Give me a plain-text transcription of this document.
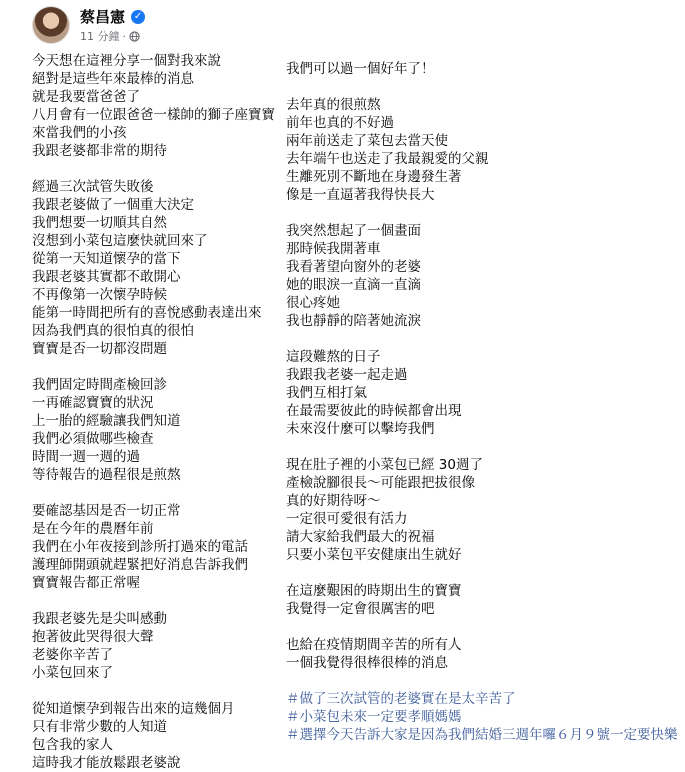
蔡昌憲 ✓
11 分鐘 ·
今天想在這裡分享一個對我來說
絕對是這些年來最棒的消息
就是我要當爸爸了
八月會有一位跟爸爸一樣帥的獅子座寶寶
來當我們的小孩
我跟老婆都非常的期待
經過三次試管失敗後
我跟老婆做了一個重大決定
我們想要一切順其自然
沒想到小菜包這麼快就回來了
從第一天知道懷孕的當下
我跟老婆其實都不敢開心
不再像第一次懷孕時候
能第一時間把所有的喜悅感動表達出來
因為我們真的很怕真的很怕
寶寶是否一切都沒問題
我們固定時間產檢回診
一再確認寶寶的狀況
上一胎的經驗讓我們知道
我們必須做哪些檢查
時間一週一週的過
等待報告的過程很是煎熬
要確認基因是否一切正常
是在今年的農曆年前
我們在小年夜接到診所打過來的電話
護理師開頭就趕緊把好消息告訴我們
寶寶報告都正常喔
我跟老婆先是尖叫感動
抱著彼此哭得很大聲
老婆你辛苦了
小菜包回來了
從知道懷孕到報告出來的這幾個月
只有非常少數的人知道
包含我的家人
這時我才能放鬆跟老婆說
我們可以過一個好年了！
去年真的很煎熬
前年也真的不好過
兩年前送走了菜包去當天使
去年端午也送走了我最親愛的父親
生離死別不斷地在身邊發生著
像是一直逼著我得快長大
我突然想起了一個畫面
那時候我開著車
我看著望向窗外的老婆
她的眼淚一直滴一直滴
很心疼她
我也靜靜的陪著她流淚
這段難熬的日子
我跟我老婆一起走過
我們互相打氣
在最需要彼此的時候都會出現
未來沒什麼可以擊垮我們
現在肚子裡的小菜包已經 30週了
產檢說腳很長～可能跟把拔很像
真的好期待呀～
一定很可愛很有活力
請大家給我們最大的祝福
只要小菜包平安健康出生就好
在這麼艱困的時期出生的寶寶
我覺得一定會很厲害的吧
也給在疫情期間辛苦的所有人
一個我覺得很棒很棒的消息
＃做了三次試管的老婆實在是太辛苦了
＃小菜包未來一定要孝順媽媽
＃選擇今天告訴大家是因為我們結婚三週年囉６月９號一定要快樂
